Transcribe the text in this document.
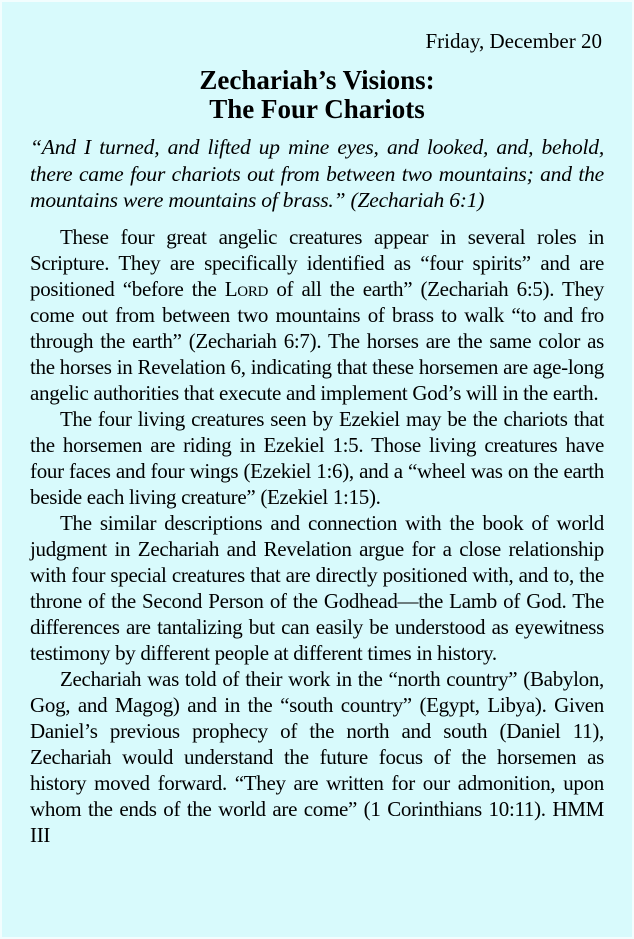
Friday, December 20
Zechariah’s Visions:
The Four Chariots

“And I turned, and lifted up mine eyes, and looked, and, behold, there came four chariots out from between two mountains; and the mountains were mountains of brass.” (Zechariah 6:1)

These four great angelic creatures appear in several roles in Scripture. They are specifically identified as “four spirits” and are positioned “before the Lord of all the earth” (Zechariah 6:5). They come out from between two mountains of brass to walk “to and fro through the earth” (Zechariah 6:7). The horses are the same color as the horses in Revelation 6, indicating that these horsemen are age-long angelic authorities that execute and implement God’s will in the earth.

The four living creatures seen by Ezekiel may be the chariots that the horsemen are riding in Ezekiel 1:5. Those living creatures have four faces and four wings (Ezekiel 1:6), and a “wheel was on the earth beside each living creature” (Ezekiel 1:15).

The similar descriptions and connection with the book of world judgment in Zechariah and Revelation argue for a close relationship with four special creatures that are directly positioned with, and to, the throne of the Second Person of the Godhead—the Lamb of God. The differences are tantalizing but can easily be understood as eyewitness testimony by different people at different times in history.

Zechariah was told of their work in the “north country” (Babylon, Gog, and Magog) and in the “south country” (Egypt, Libya). Given Daniel’s previous prophecy of the north and south (Daniel 11), Zechariah would understand the future focus of the horsemen as history moved forward. “They are written for our admonition, upon whom the ends of the world are come” (1 Corinthians 10:11). HMM III
